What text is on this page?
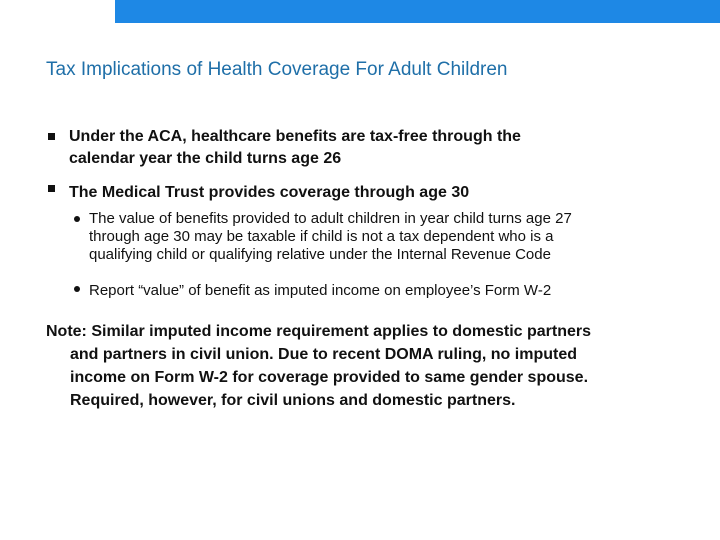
Tax Implications of Health Coverage For Adult Children
Under the ACA, healthcare benefits are tax-free through the
calendar year the child turns age 26
The Medical Trust provides coverage through age 30
The value of benefits provided to adult children in year child turns age 27
through age 30 may be taxable if child is not a tax dependent who is a
qualifying child or qualifying relative under the Internal Revenue Code
Report “value” of benefit as imputed income on employee’s Form W-2
Note: Similar imputed income requirement applies to domestic partners
and partners in civil union. Due to recent DOMA ruling, no imputed
income on Form W-2 for coverage provided to same gender spouse.
Required, however, for civil unions and domestic partners.
